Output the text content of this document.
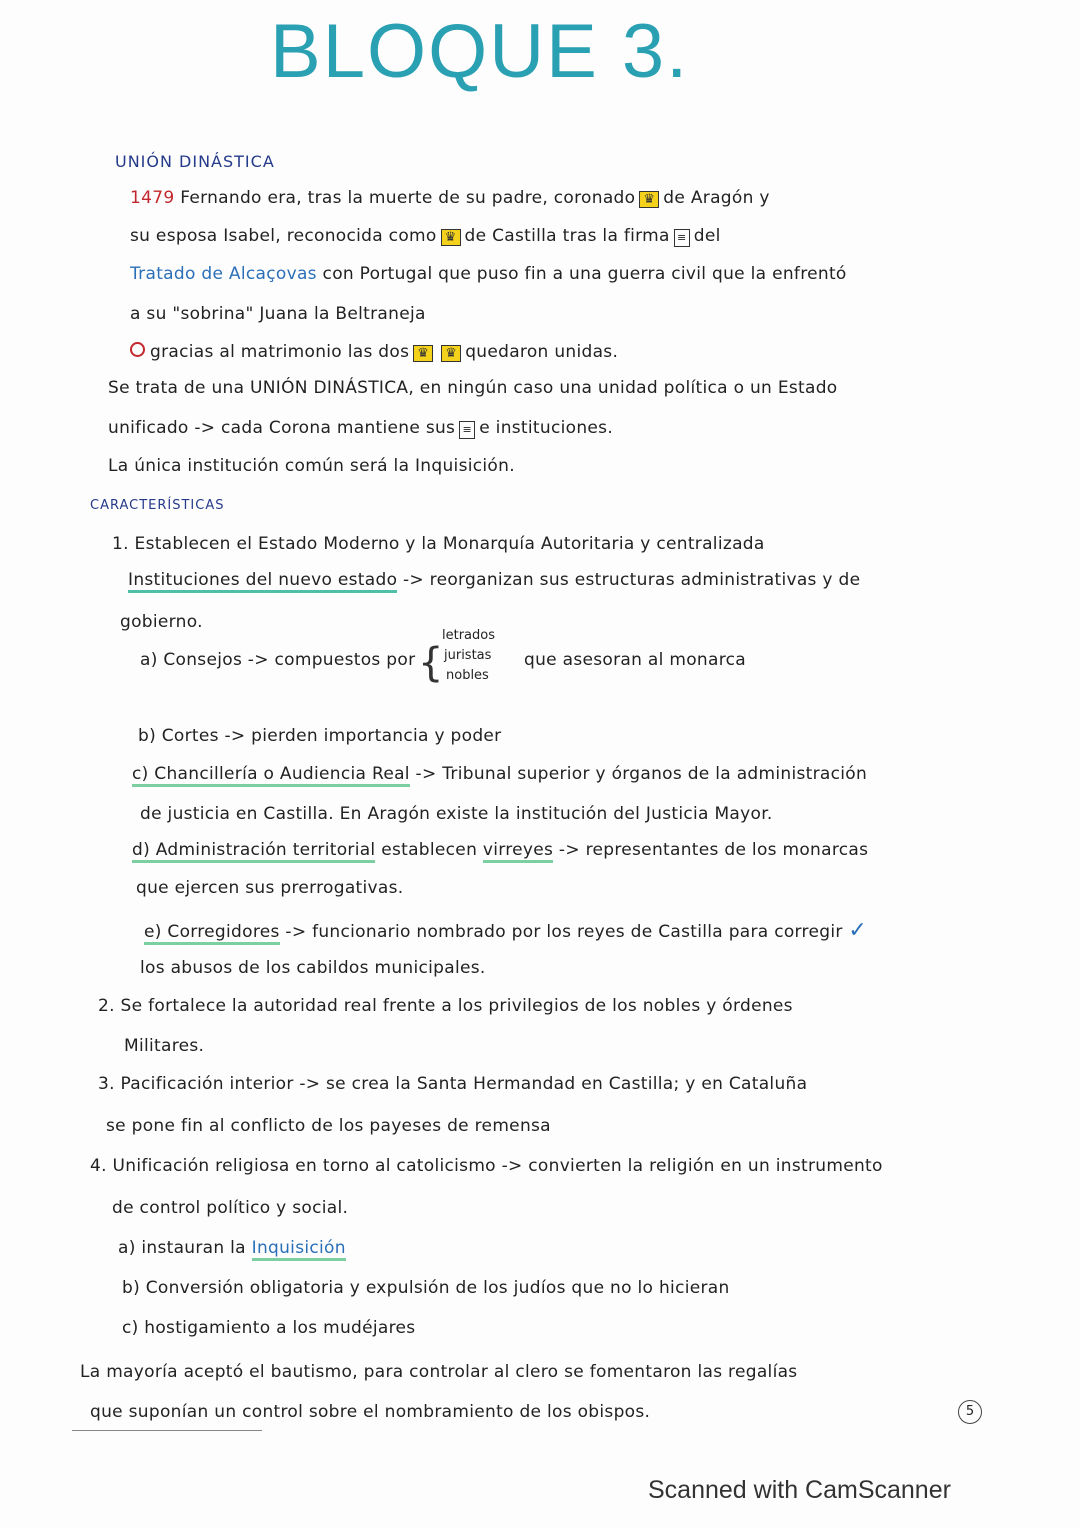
BLOQUE 3.
UNIÓN DINÁSTICA
1479 Fernando era, tras la muerte de su padre, coronado ♛ de Aragón y
su esposa Isabel, reconocida como ♛ de Castilla tras la firma ≡ del
Tratado de Alcaçovas con Portugal que puso fin a una guerra civil que la enfrentó
a su "sobrina" Juana la Beltraneja
gracias al matrimonio las dos ♛ ♛ quedaron unidas.
Se trata de una UNIÓN DINÁSTICA, en ningún caso una unidad política o un Estado
unificado -> cada Corona mantiene sus ≡ e instituciones.
La única institución común será la Inquisición.
CARACTERÍSTICAS
1. Establecen el Estado Moderno y la Monarquía Autoritaria y centralizada
Instituciones del nuevo estado -> reorganizan sus estructuras administrativas y de
gobierno.
a) Consejos -> compuestos por {
letrados
juristas
nobles
que asesoran al monarca
b) Cortes -> pierden importancia y poder
c) Chancillería o Audiencia Real -> Tribunal superior y órganos de la administración
de justicia en Castilla. En Aragón existe la institución del Justicia Mayor.
d) Administración territorial establecen virreyes -> representantes de los monarcas
que ejercen sus prerrogativas.
e) Corregidores -> funcionario nombrado por los reyes de Castilla para corregir ✓
los abusos de los cabildos municipales.
2. Se fortalece la autoridad real frente a los privilegios de los nobles y órdenes
Militares.
3. Pacificación interior -> se crea la Santa Hermandad en Castilla; y en Cataluña
se pone fin al conflicto de los payeses de remensa
4. Unificación religiosa en torno al catolicismo -> convierten la religión en un instrumento
de control político y social.
a) instauran la Inquisición
b) Conversión obligatoria y expulsión de los judíos que no lo hicieran
c) hostigamiento a los mudéjares
La mayoría aceptó el bautismo, para controlar al clero se fomentaron las regalías
que suponían un control sobre el nombramiento de los obispos.	5
Scanned with CamScanner
